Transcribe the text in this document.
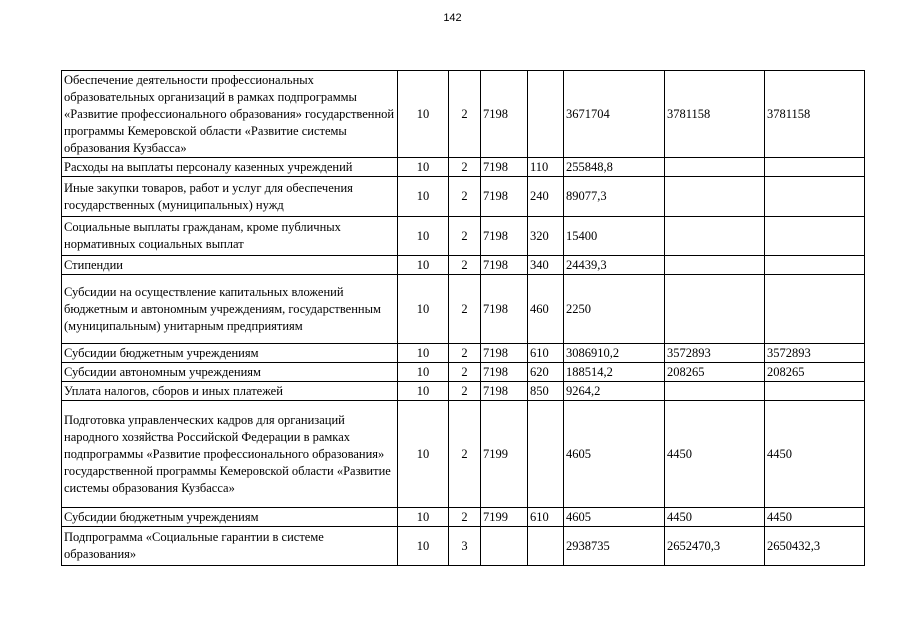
142
Обеспечение деятельности профессиональных образовательных организаций в рамках подпрограммы «Развитие профессионального образования» государственной программы Кемеровской области «Развитие системы образования Кузбасса»	10	2	7198		3671704	3781158	3781158
Расходы на выплаты персоналу казенных учреждений	10	2	7198	110	255848,8		
Иные закупки товаров, работ и услуг для обеспечения государственных (муниципальных) нужд	10	2	7198	240	89077,3		
Социальные выплаты гражданам, кроме публичных нормативных социальных выплат	10	2	7198	320	15400		
Стипендии	10	2	7198	340	24439,3		
Субсидии на осуществление капитальных вложений бюджетным и автономным учреждениям, государственным (муниципальным) унитарным предприятиям	10	2	7198	460	2250		
Субсидии бюджетным учреждениям	10	2	7198	610	3086910,2	3572893	3572893
Субсидии автономным учреждениям	10	2	7198	620	188514,2	208265	208265
Уплата налогов, сборов и иных платежей	10	2	7198	850	9264,2		
Подготовка управленческих кадров для организаций народного хозяйства Российской Федерации в рамках подпрограммы «Развитие профессионального образования» государственной программы Кемеровской области «Развитие системы образования Кузбасса»	10	2	7199		4605	4450	4450
Субсидии бюджетным учреждениям	10	2	7199	610	4605	4450	4450
Подпрограмма «Социальные гарантии в системе образования»	10	3			2938735	2652470,3	2650432,3
